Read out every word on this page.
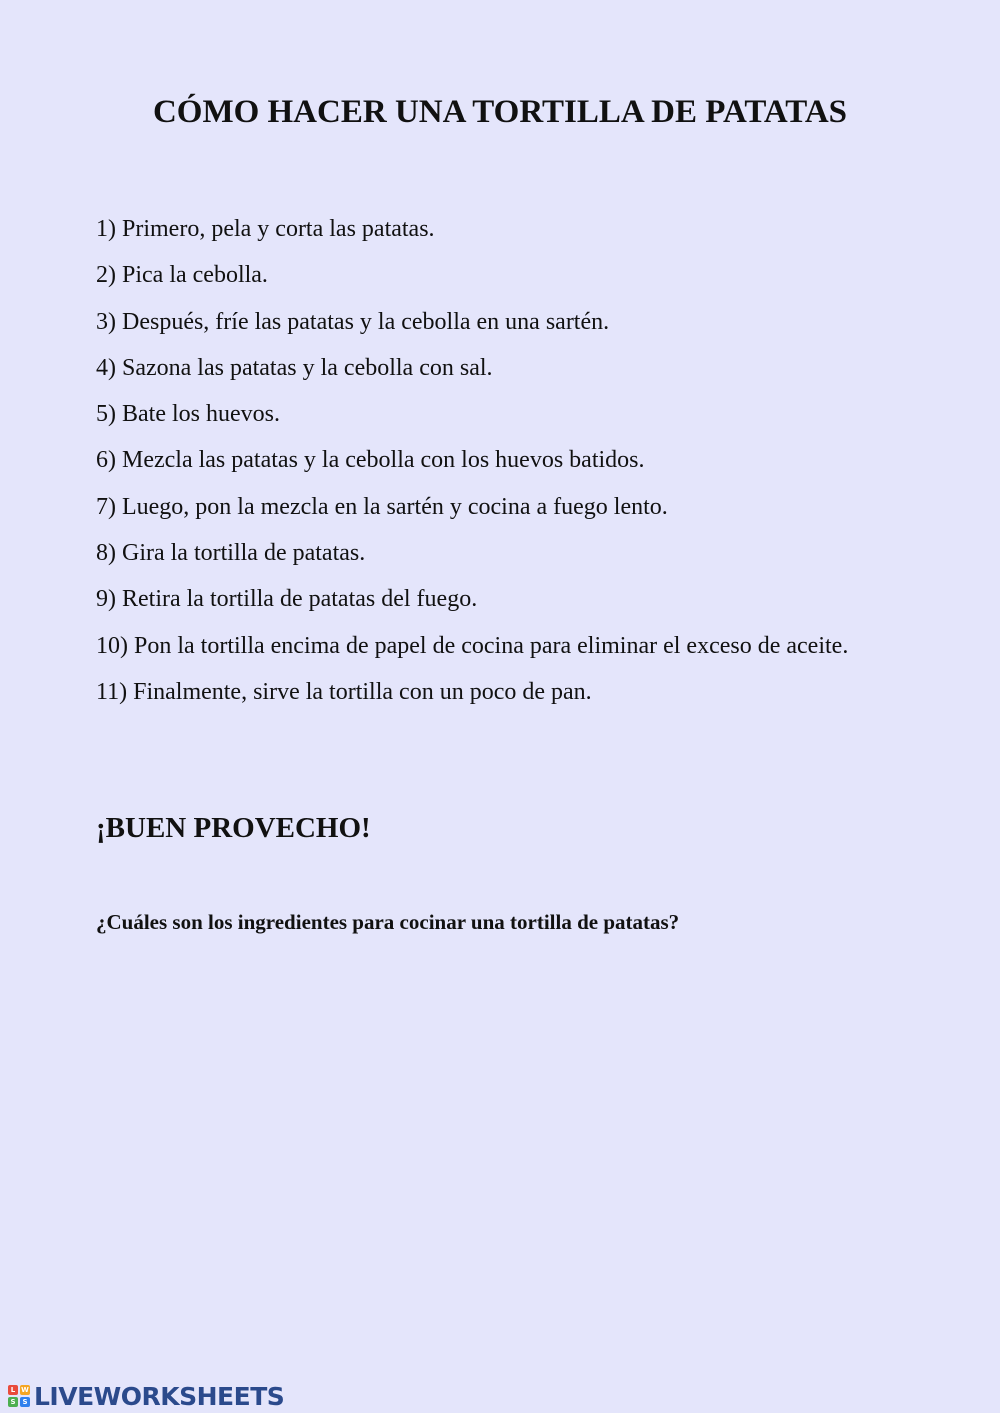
CÓMO HACER UNA TORTILLA DE PATATAS
1) Primero, pela y corta las patatas.
2) Pica la cebolla.
3) Después, fríe las patatas y la cebolla en una sartén.
4) Sazona las patatas y la cebolla con sal.
5) Bate los huevos.
6) Mezcla las patatas y la cebolla con los huevos batidos.
7) Luego, pon la mezcla en la sartén y cocina a fuego lento.
8) Gira la tortilla de patatas.
9) Retira la tortilla de patatas del fuego.
10) Pon la tortilla encima de papel de cocina para eliminar el exceso de aceite.
11) Finalmente, sirve la tortilla con un poco de pan.
¡BUEN PROVECHO!

¿Cuáles son los ingredientes para cocinar una tortilla de patatas?

L W
S S LIVEWORKSHEETS
